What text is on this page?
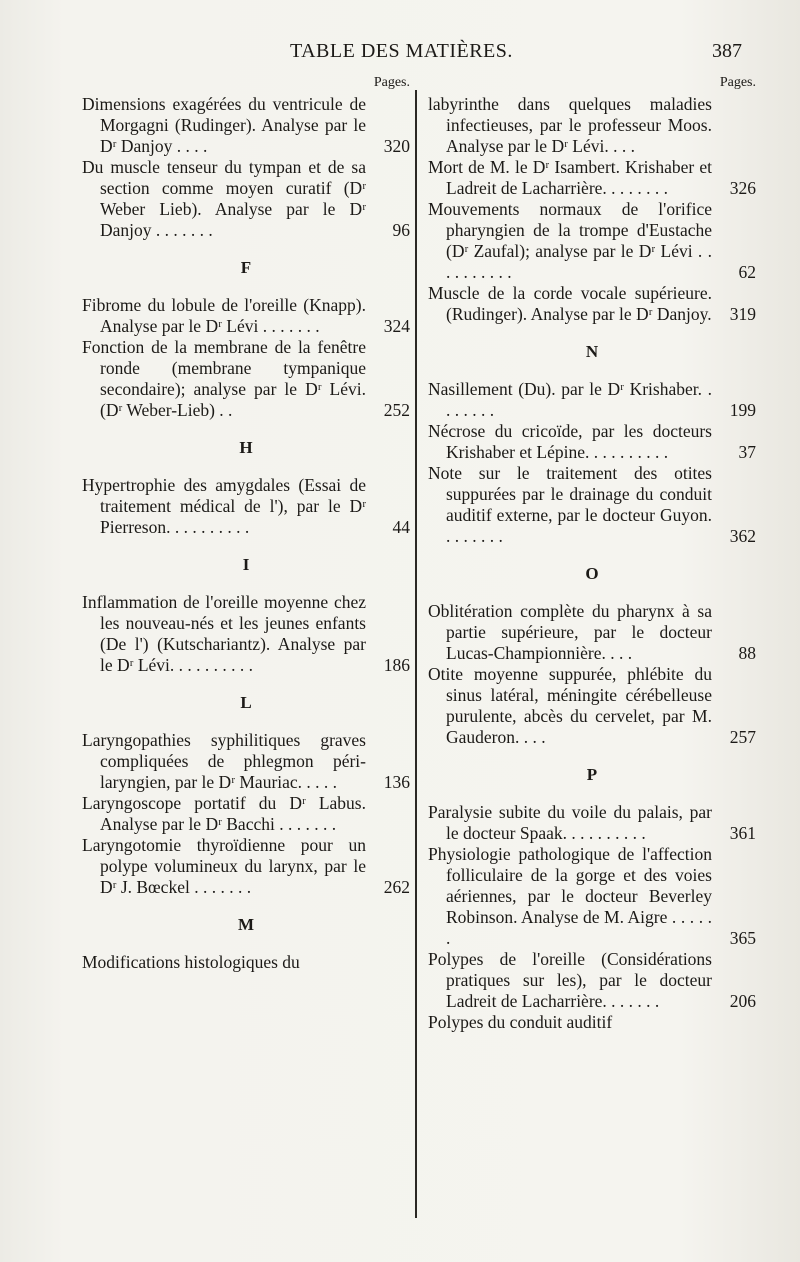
TABLE DES MATIÈRES.	387
Pages.
Dimensions exagérées du ventricule de Morgagni (Rudinger). Analyse par le Dʳ Danjoy . . . .	320
Du muscle tenseur du tympan et de sa section comme moyen curatif (Dʳ Weber Lieb). Analyse par le Dʳ Danjoy . . . . . . .	96
F
Fibrome du lobule de l'oreille (Knapp). Analyse par le Dʳ Lévi . . . . . . .	324
Fonction de la membrane de la fenêtre ronde (membrane tympanique secondaire); analyse par le Dʳ Lévi. (Dʳ Weber-Lieb) . .	252
H
Hypertrophie des amygdales (Essai de traitement médical de l'), par le Dʳ Pierreson. . . . . . . . . .	44
I
Inflammation de l'oreille moyenne chez les nouveau-nés et les jeunes enfants (De l') (Kutschariantz). Analyse par le Dʳ Lévi. . . . . . . . . .	186
L
Laryngopathies syphilitiques graves compliquées de phlegmon péri-laryngien, par le Dʳ Mauriac. . . . .	136
Laryngoscope portatif du Dʳ Labus. Analyse par le Dʳ Bacchi . . . . . . .
Laryngotomie thyroïdienne pour un polype volumineux du larynx, par le Dʳ J. Bœckel . . . . . . .	262
M
Modifications histologiques du
Pages.
labyrinthe dans quelques maladies infectieuses, par le professeur Moos. Analyse par le Dʳ Lévi. . . .
Mort de M. le Dʳ Isambert. Krishaber et Ladreit de Lacharrière. . . . . . . .	326
Mouvements normaux de l'orifice pharyngien de la trompe d'Eustache (Dʳ Zaufal); analyse par le Dʳ Lévi . . . . . . . . . .	62
Muscle de la corde vocale supérieure. (Rudinger). Analyse par le Dʳ Danjoy.	319
N
Nasillement (Du). par le Dʳ Krishaber. . . . . . . .	199
Nécrose du cricoïde, par les docteurs Krishaber et Lépine. . . . . . . . . .	37
Note sur le traitement des otites suppurées par le drainage du conduit auditif externe, par le docteur Guyon. . . . . . . .	362
O
Oblitération complète du pharynx à sa partie supérieure, par le docteur Lucas-Championnière. . . .	88
Otite moyenne suppurée, phlébite du sinus latéral, méningite cérébelleuse purulente, abcès du cervelet, par M. Gauderon. . . .	257
P
Paralysie subite du voile du palais, par le docteur Spaak. . . . . . . . . .	361
Physiologie pathologique de l'affection folliculaire de la gorge et des voies aériennes, par le docteur Beverley Robinson. Analyse de M. Aigre . . . . . .	365
Polypes de l'oreille (Considérations pratiques sur les), par le docteur Ladreit de Lacharrière. . . . . . .	206
Polypes du conduit auditif
